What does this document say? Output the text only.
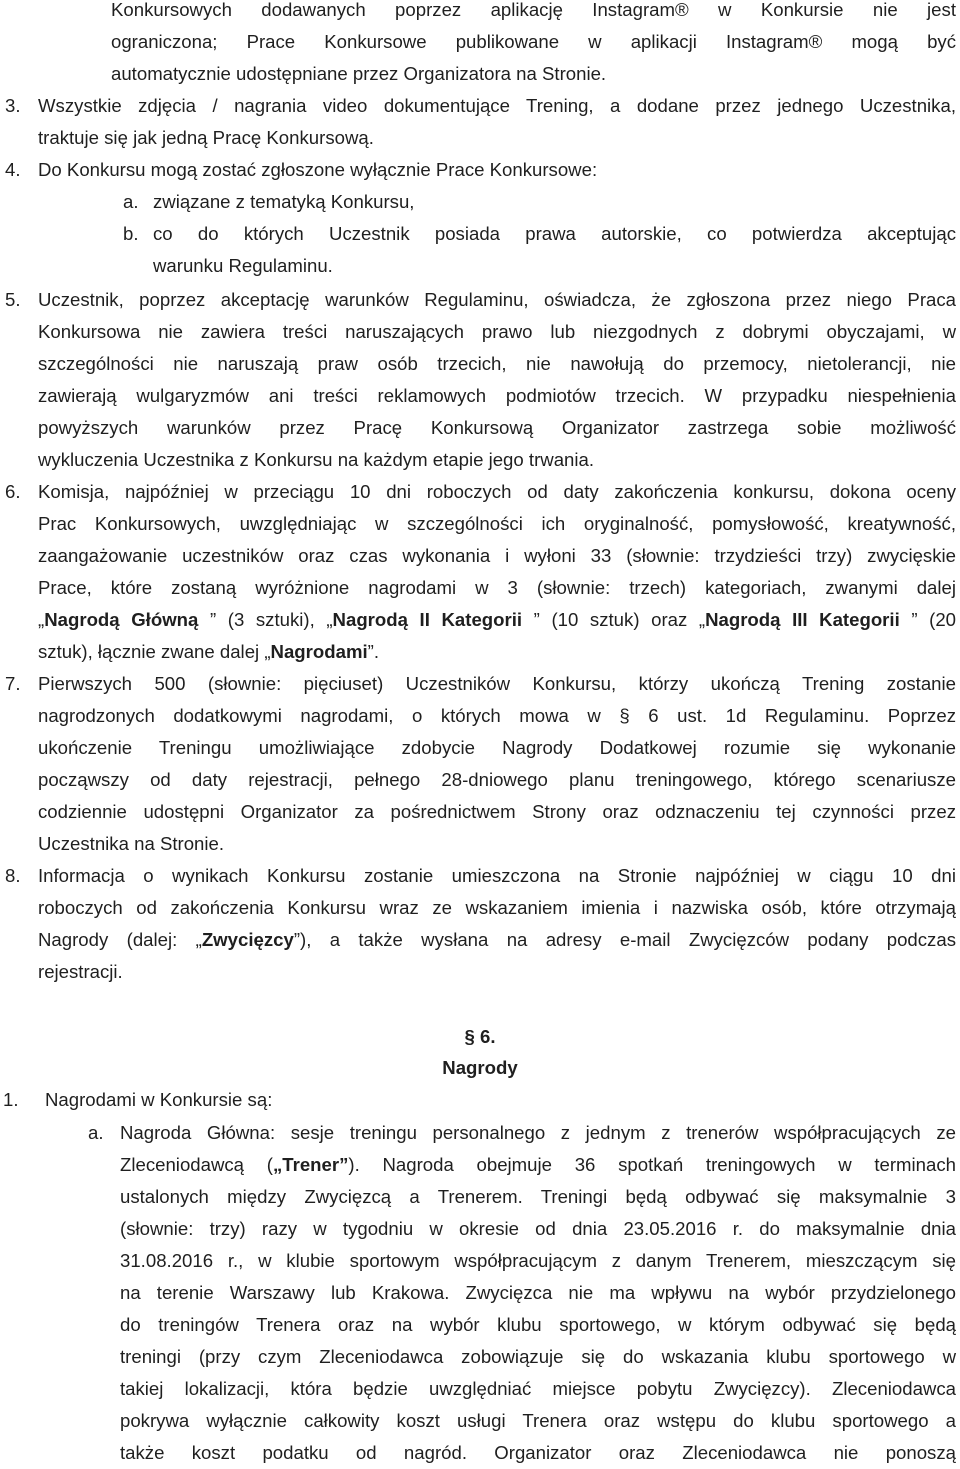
Konkursowych dodawanych poprzez aplikację Instagram® w Konkursie nie jest
ograniczona; Prace Konkursowe publikowane w aplikacji Instagram® mogą być
automatycznie udostępniane przez Organizatora na Stronie.
3. Wszystkie zdjęcia / nagrania video dokumentujące Trening, a dodane przez jednego Uczestnika,
traktuje się jak jedną Pracę Konkursową.
4. Do Konkursu mogą zostać zgłoszone wyłącznie Prace Konkursowe:
a. związane z tematyką Konkursu,
b. co do których Uczestnik posiada prawa autorskie, co potwierdza akceptując
warunku Regulaminu.
5. Uczestnik, poprzez akceptację warunków Regulaminu, oświadcza, że zgłoszona przez niego Praca
Konkursowa nie zawiera treści naruszających prawo lub niezgodnych z dobrymi obyczajami, w
szczególności nie naruszają praw osób trzecich, nie nawołują do przemocy, nietolerancji, nie
zawierają wulgaryzmów ani treści reklamowych podmiotów trzecich. W przypadku niespełnienia
powyższych warunków przez Pracę Konkursową Organizator zastrzega sobie możliwość
wykluczenia Uczestnika z Konkursu na każdym etapie jego trwania.
6. Komisja, najpóźniej w przeciągu 10 dni roboczych od daty zakończenia konkursu, dokona oceny
Prac Konkursowych, uwzględniając w szczególności ich oryginalność, pomysłowość, kreatywność,
zaangażowanie uczestników oraz czas wykonania i wyłoni 33 (słownie: trzydzieści trzy) zwycięskie
Prace, które zostaną wyróżnione nagrodami w 3 (słownie: trzech) kategoriach, zwanymi dalej
„Nagrodą Główną ” (3 sztuki), „Nagrodą II Kategorii ” (10 sztuk) oraz „Nagrodą III Kategorii ” (20
sztuk), łącznie zwane dalej „Nagrodami”.
7. Pierwszych 500 (słownie: pięciuset) Uczestników Konkursu, którzy ukończą Trening zostanie
nagrodzonych dodatkowymi nagrodami, o których mowa w § 6 ust. 1d Regulaminu. Poprzez
ukończenie Treningu umożliwiające zdobycie Nagrody Dodatkowej rozumie się wykonanie
począwszy od daty rejestracji, pełnego 28-dniowego planu treningowego, którego scenariusze
codziennie udostępni Organizator za pośrednictwem Strony oraz odznaczeniu tej czynności przez
Uczestnika na Stronie.
8. Informacja o wynikach Konkursu zostanie umieszczona na Stronie najpóźniej w ciągu 10 dni
roboczych od zakończenia Konkursu wraz ze wskazaniem imienia i nazwiska osób, które otrzymają
Nagrody (dalej: „Zwycięzcy”), a także wysłana na adresy e-mail Zwycięzców podany podczas
rejestracji.
§ 6.
Nagrody
1. Nagrodami w Konkursie są:
a. Nagroda Główna: sesje treningu personalnego z jednym z trenerów współpracujących ze
Zleceniodawcą („Trener”). Nagroda obejmuje 36 spotkań treningowych w terminach
ustalonych między Zwycięzcą a Trenerem. Treningi będą odbywać się maksymalnie 3
(słownie: trzy) razy w tygodniu w okresie od dnia 23.05.2016 r. do maksymalnie dnia
31.08.2016 r., w klubie sportowym współpracującym z danym Trenerem, mieszczącym się
na terenie Warszawy lub Krakowa. Zwycięzca nie ma wpływu na wybór przydzielonego
do treningów Trenera oraz na wybór klubu sportowego, w którym odbywać się będą
treningi (przy czym Zleceniodawca zobowiązuje się do wskazania klubu sportowego w
takiej lokalizacji, która będzie uwzględniać miejsce pobytu Zwycięzcy). Zleceniodawca
pokrywa wyłącznie całkowity koszt usługi Trenera oraz wstępu do klubu sportowego a
także koszt podatku od nagród. Organizator oraz Zleceniodawca nie ponoszą
